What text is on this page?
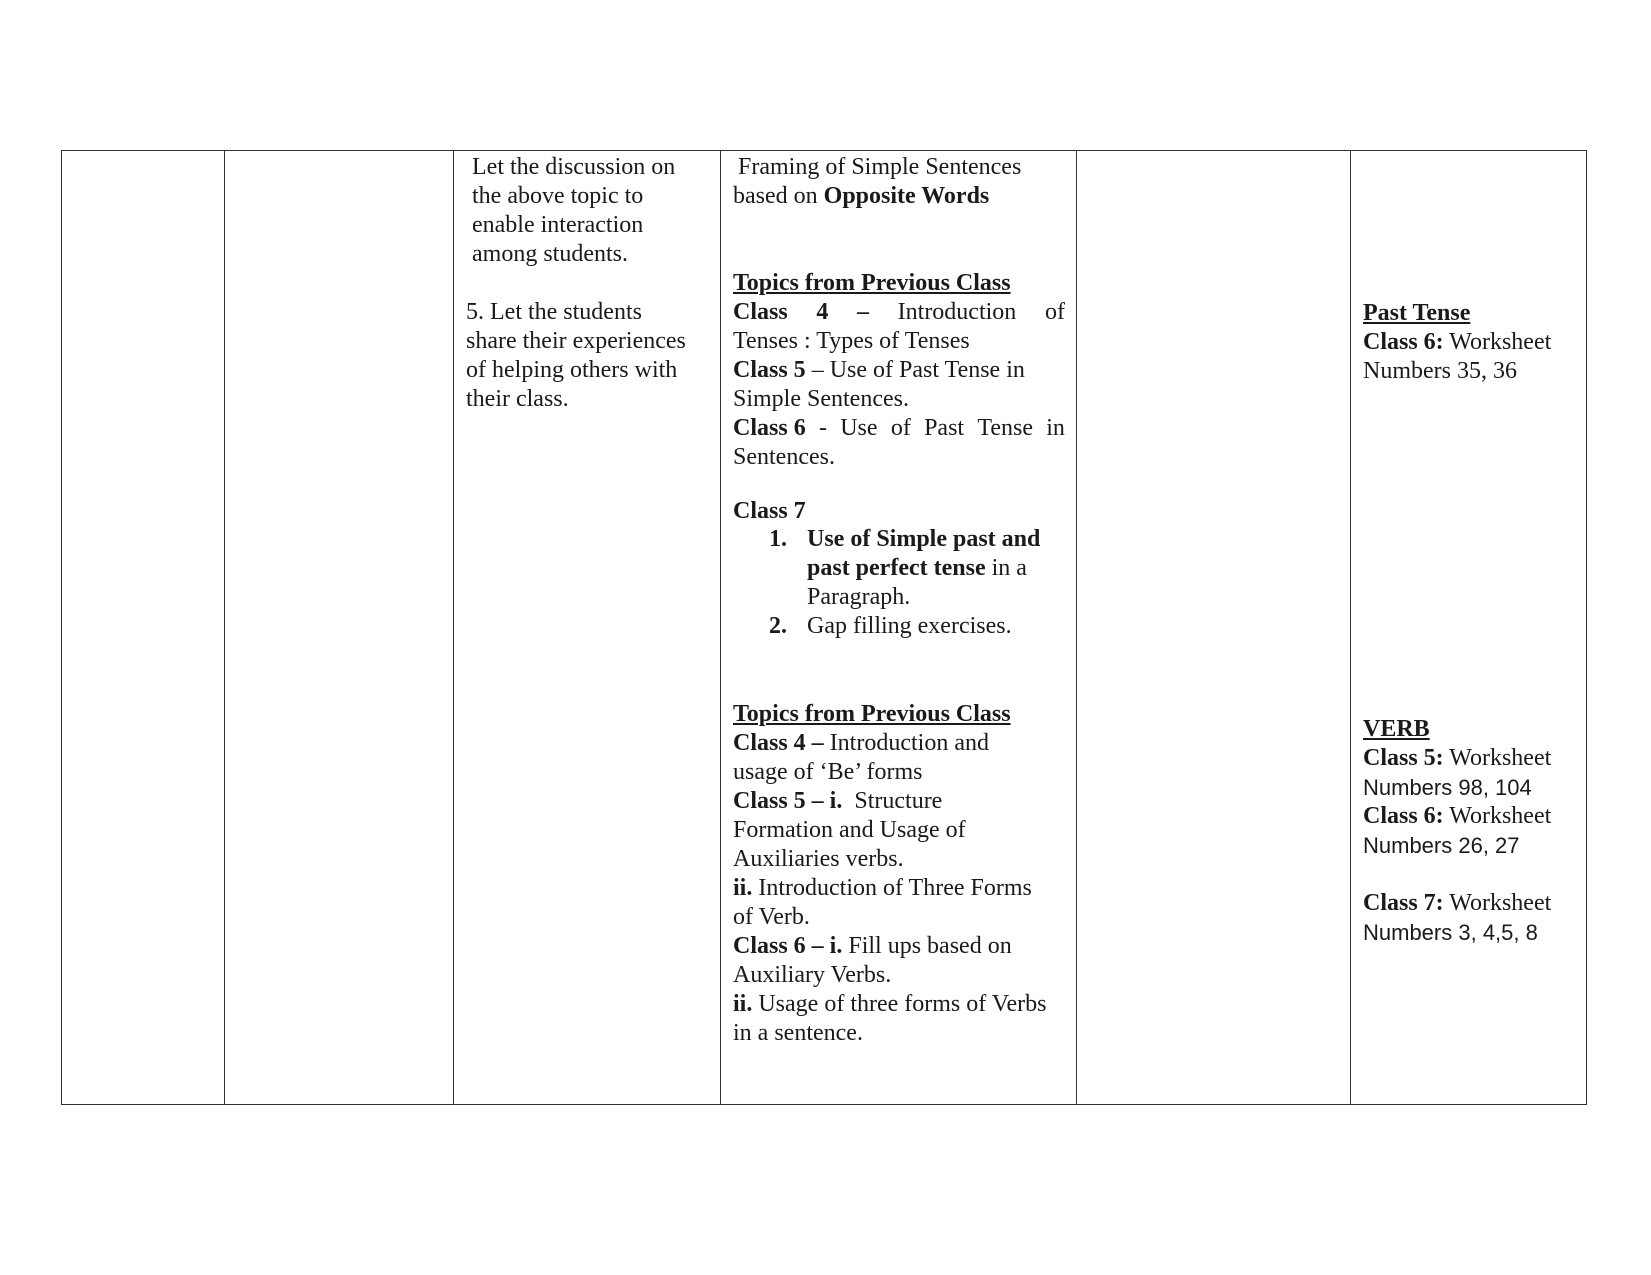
Let the discussion on
the above topic to
enable interaction
among students.
5. Let the students
share their experiences
of helping others with
their class.
Framing of Simple Sentences
based on Opposite Words
Topics from Previous Class
Class 4 – Introduction of
Tenses : Types of Tenses
Class 5 – Use of Past Tense in
Simple Sentences.
Class 6 - Use of Past Tense in
Sentences.
Class 7
1. Use of Simple past and
past perfect tense in a
Paragraph.
2. Gap filling exercises.
Topics from Previous Class
Class 4 – Introduction and
usage of ‘Be’ forms
Class 5 – i.  Structure
Formation and Usage of
Auxiliaries verbs.
ii. Introduction of Three Forms
of Verb.
Class 6 – i. Fill ups based on
Auxiliary Verbs.
ii. Usage of three forms of Verbs
in a sentence.
Past Tense
Class 6: Worksheet
Numbers 35, 36
VERB
Class 5: Worksheet
Numbers 98, 104
Class 6: Worksheet
Numbers 26, 27
Class 7: Worksheet
Numbers 3, 4,5, 8
